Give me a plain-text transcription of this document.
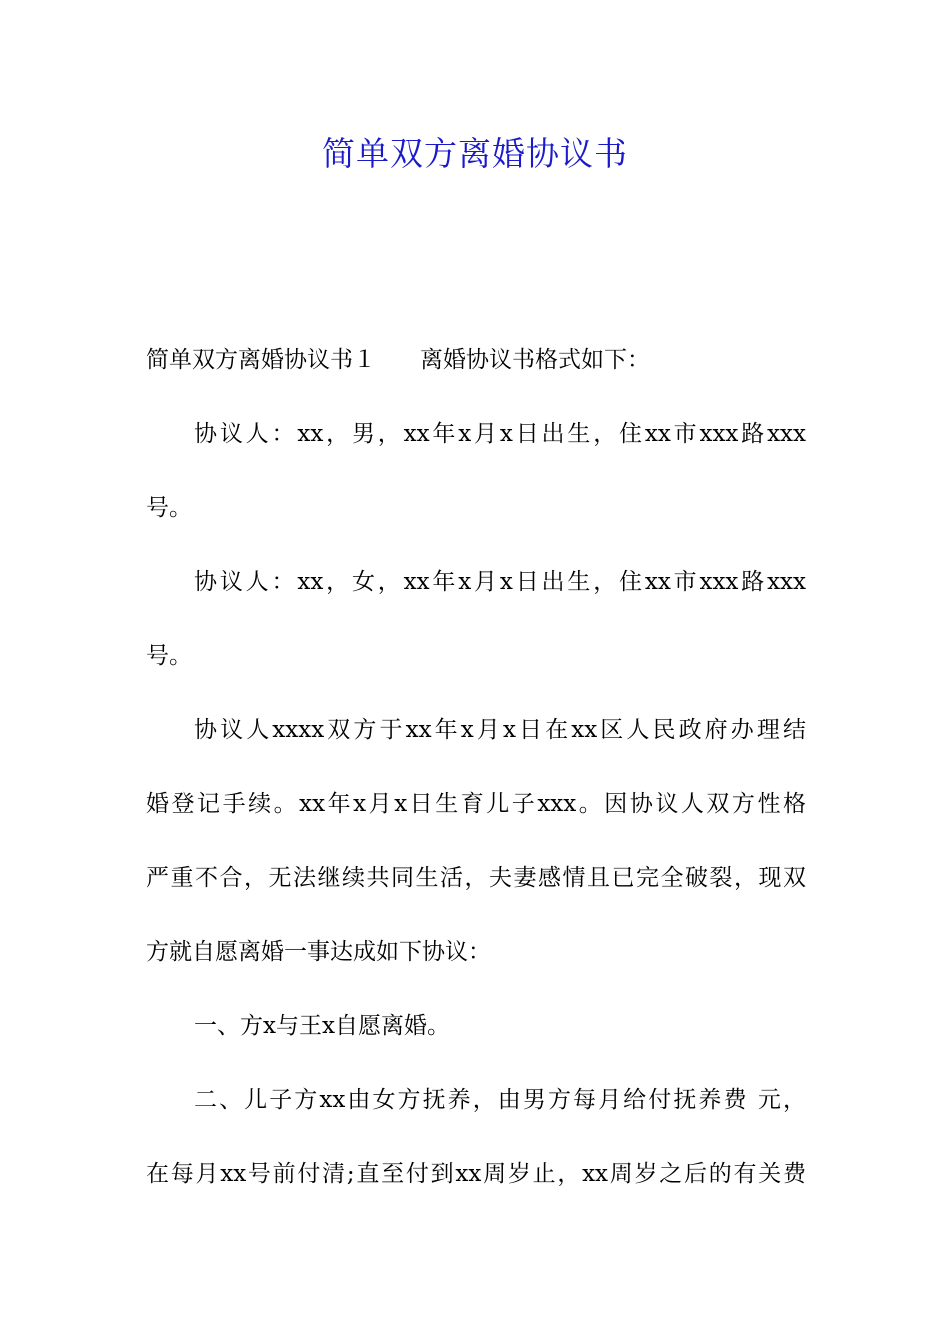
简单双方离婚协议书
简单双方离婚协议书１ 离婚协议书格式如下：
协议人：xx，男，xx年x月x日出生，住xx市xxx路xxx
号。
协议人：xx，女，xx年x月x日出生，住xx市xxx路xxx
号。
协议人xxxx双方于xx年x月x日在xx区人民政府办理结
婚登记手续。xx年x月x日生育儿子xxx。因协议人双方性格
严重不合，无法继续共同生活，夫妻感情且已完全破裂，现双
方就自愿离婚一事达成如下协议：
一、方x与王x自愿离婚。
二、儿子方xx由女方抚养，由男方每月给付抚养费 元，
在每月xx号前付清;直至付到xx周岁止，xx周岁之后的有关费
